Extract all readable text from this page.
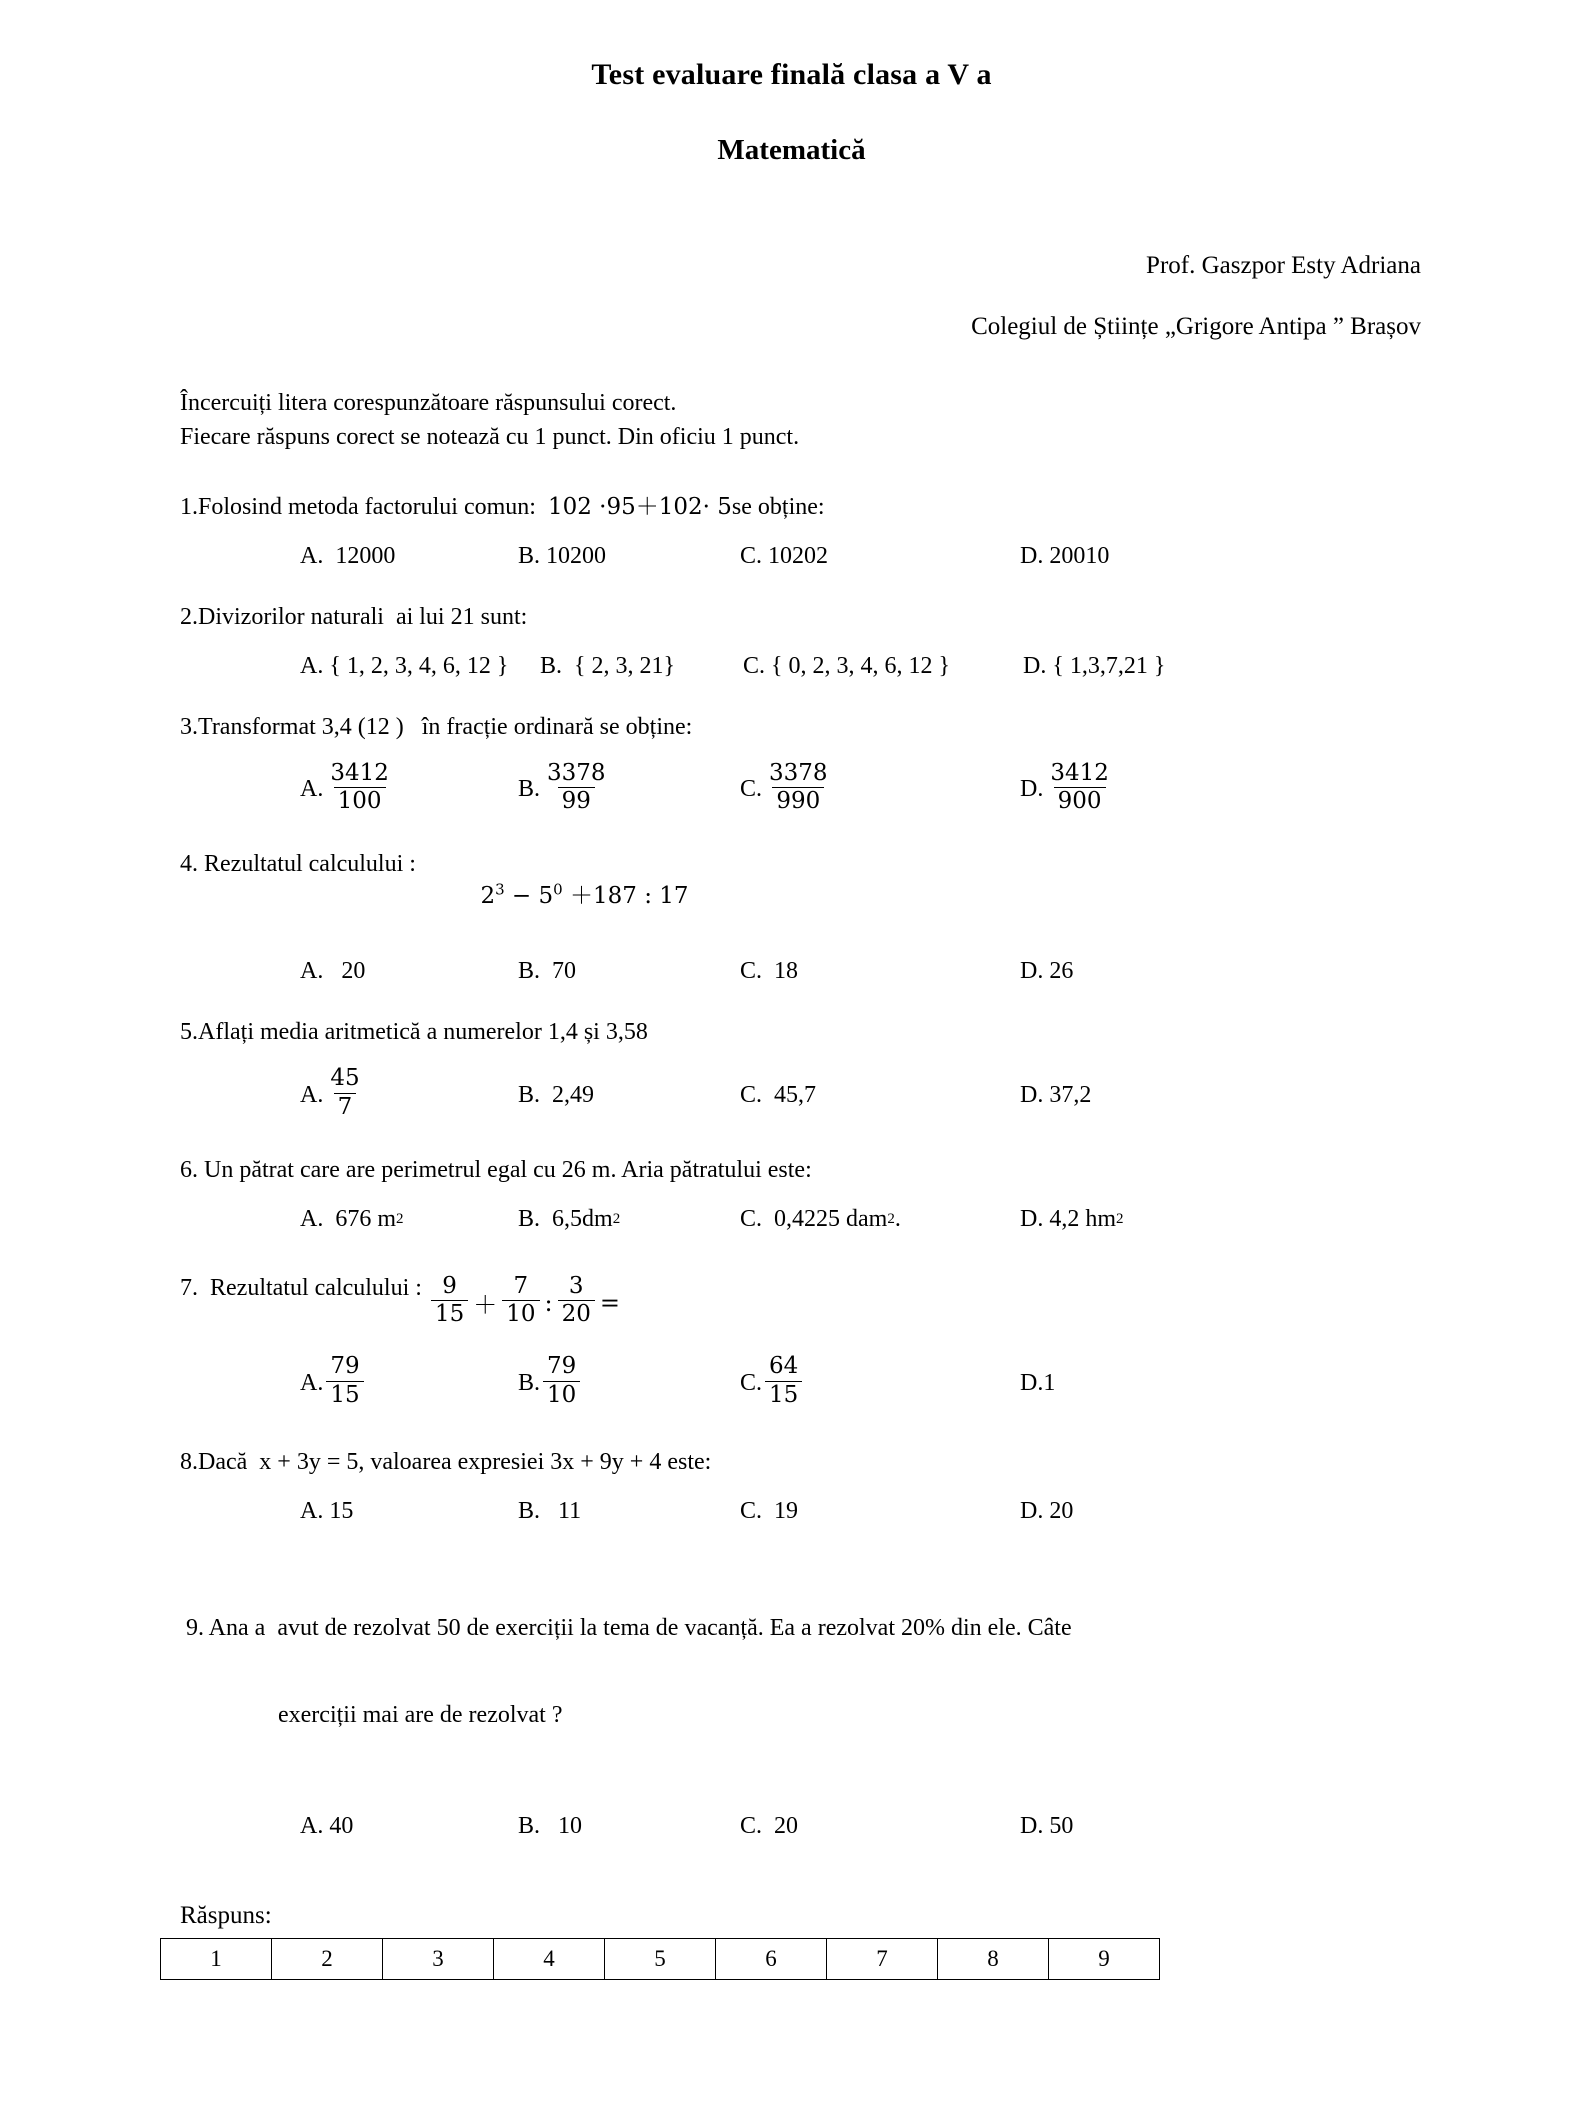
Test evaluare finală clasa a V a
Matematică
Prof. Gaszpor Esty Adriana
Colegiul de Științe „Grigore Antipa ” Brașov
Încercuiți litera corespunzătoare răspunsului corect.
Fiecare răspuns corect se notează cu 1 punct. Din oficiu 1 punct.
1.Folosind metoda factorului comun: 102 ·95＋102· 5 se obține:
A. 12000	B. 10200	C. 10202	D. 20010
2.Divizorilor naturali  ai lui 21 sunt:
A. { 1, 2, 3, 4, 6, 12 } B. { 2, 3, 21}	C. { 0, 2, 3, 4, 6, 12 }	D. { 1,3,7,21 }
3.Transformat 3,4 (12 )   în fracție ordinară se obține:
A. $\frac{3412}{100}$	B. $\frac{3378}{99}$	C. $\frac{3378}{990}$	D. $\frac{3412}{900}$
4. Rezultatul calculului :

$2^3 - 5^0 +187$ : 17

A. 20	B. 70	C. 18	D. 26
5.Aflați media aritmetică a numerelor 1,4 și 3,58
A. $\frac{45}{7}$	B. 2,49	C. 45,7	D. 37,2
6. Un pătrat care are perimetrul egal cu 26 m. Aria pătratului este:
A. 676 m 2	B. 6,5dm 2	C. 0,4225 dam 2 .	D. 4,2 hm 2
7.  Rezultatul calculului : $\frac{9}{15} + \frac{7}{10}$ : $\frac{3}{20}$ =
A. $\frac{79}{15}$	B. $\frac{79}{10}$	C. $\frac{64}{15}$	D.1
8.Dacă  x + 3y = 5, valoarea expresiei 3x + 9y + 4 este:
A. 15	B. 11	C. 19	D. 20

9. Ana a  avut de rezolvat 50 de exerciții la tema de vacanță. Ea a rezolvat 20% din ele. Câte

exerciții mai are de rezolvat ?

A. 40	B. 10	C. 20	D. 50
Răspuns:
1	2	3	4	5	6	7	8	9
